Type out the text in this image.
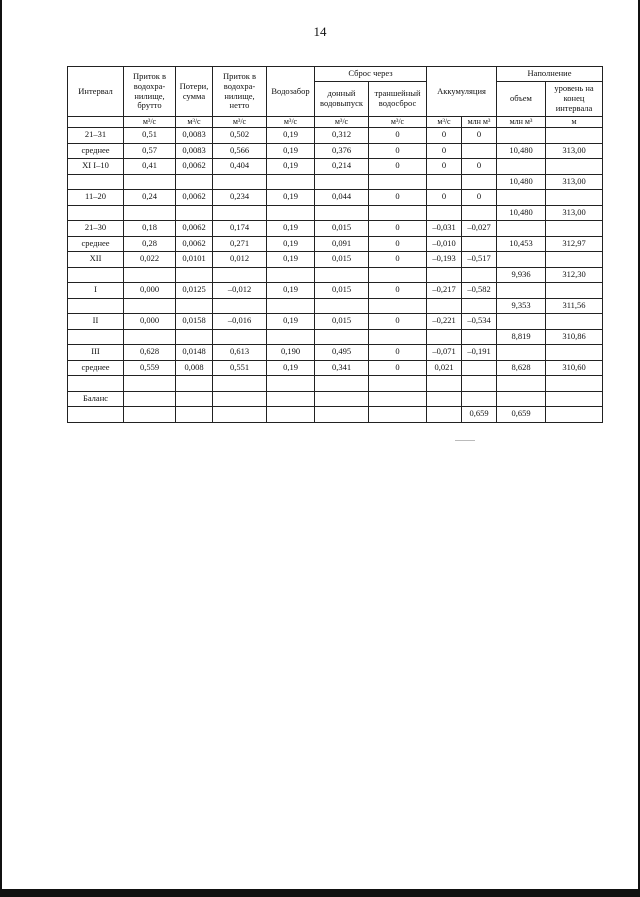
14
Интервал	Приток в водохра-нилище, брутто	Потери, сумма	Приток в водохра-нилище, нетто	Водозабор	Сброс через		Аккумуляция		Наполнение	
					донный водовыпуск	траншейный водосброс			объем	уровень на конец интервала
	м³/с	м³/с	м³/с	м³/с	м³/с	м³/с	м³/с	млн м³	млн м³	м
21–31	0,51	0,0083	0,502	0,19	0,312	0	0	0		
среднее	0,57	0,0083	0,566	0,19	0,376	0	0		10,480	313,00
XI I–10	0,41	0,0062	0,404	0,19	0,214	0	0	0		
									10,480	313,00
11–20	0,24	0,0062	0,234	0,19	0,044	0	0	0		
									10,480	313,00
21–30	0,18	0,0062	0,174	0,19	0,015	0	–0,031	–0,027		
среднее	0,28	0,0062	0,271	0,19	0,091	0	–0,010		10,453	312,97
XII	0,022	0,0101	0,012	0,19	0,015	0	–0,193	–0,517		
									9,936	312,30
I	0,000	0,0125	–0,012	0,19	0,015	0	–0,217	–0,582		
									9,353	311,56
II	0,000	0,0158	–0,016	0,19	0,015	0	–0,221	–0,534		
									8,819	310,86
III	0,628	0,0148	0,613	0,190	0,495	0	–0,071	–0,191		
среднее	0,559	0,008	0,551	0,19	0,341	0	0,021		8,628	310,60

Баланс										
								0,659	0,659	
